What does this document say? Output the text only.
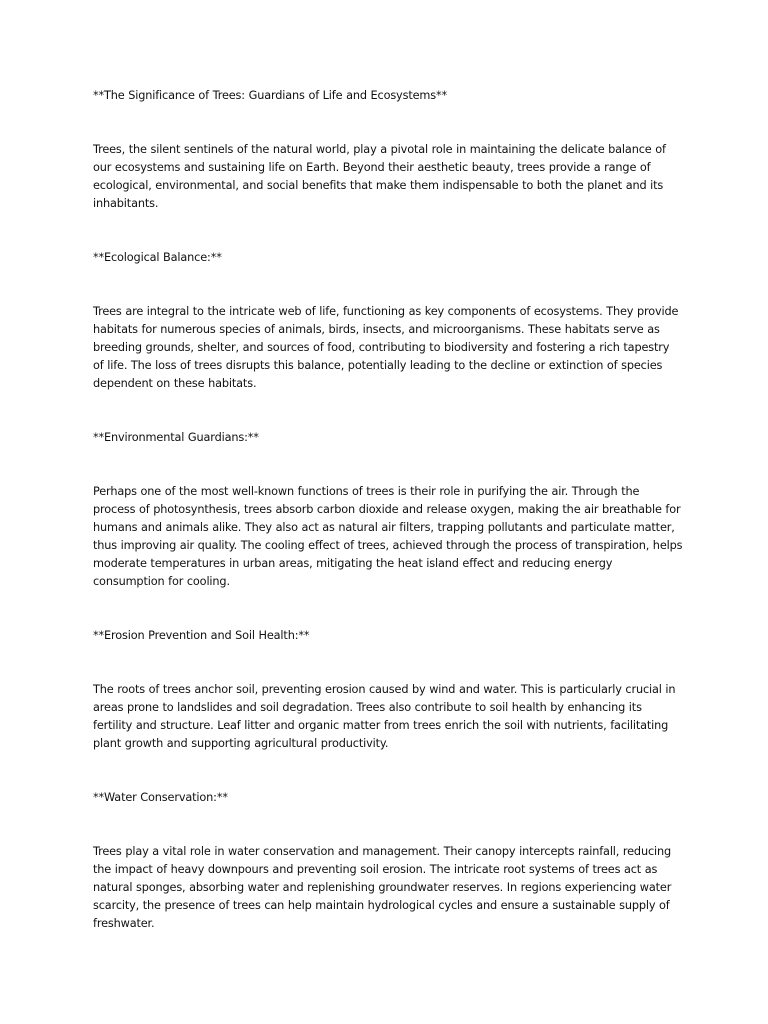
**The Significance of Trees: Guardians of Life and Ecosystems**

Trees, the silent sentinels of the natural world, play a pivotal role in maintaining the delicate balance of our ecosystems and sustaining life on Earth. Beyond their aesthetic beauty, trees provide a range of ecological, environmental, and social benefits that make them indispensable to both the planet and its inhabitants.

**Ecological Balance:**

Trees are integral to the intricate web of life, functioning as key components of ecosystems. They provide habitats for numerous species of animals, birds, insects, and microorganisms. These habitats serve as breeding grounds, shelter, and sources of food, contributing to biodiversity and fostering a rich tapestry of life. The loss of trees disrupts this balance, potentially leading to the decline or extinction of species dependent on these habitats.

**Environmental Guardians:**

Perhaps one of the most well-known functions of trees is their role in purifying the air. Through the process of photosynthesis, trees absorb carbon dioxide and release oxygen, making the air breathable for humans and animals alike. They also act as natural air filters, trapping pollutants and particulate matter, thus improving air quality. The cooling effect of trees, achieved through the process of transpiration, helps moderate temperatures in urban areas, mitigating the heat island effect and reducing energy consumption for cooling.

**Erosion Prevention and Soil Health:**

The roots of trees anchor soil, preventing erosion caused by wind and water. This is particularly crucial in areas prone to landslides and soil degradation. Trees also contribute to soil health by enhancing its fertility and structure. Leaf litter and organic matter from trees enrich the soil with nutrients, facilitating plant growth and supporting agricultural productivity.

**Water Conservation:**

Trees play a vital role in water conservation and management. Their canopy intercepts rainfall, reducing the impact of heavy downpours and preventing soil erosion. The intricate root systems of trees act as natural sponges, absorbing water and replenishing groundwater reserves. In regions experiencing water scarcity, the presence of trees can help maintain hydrological cycles and ensure a sustainable supply of freshwater.
